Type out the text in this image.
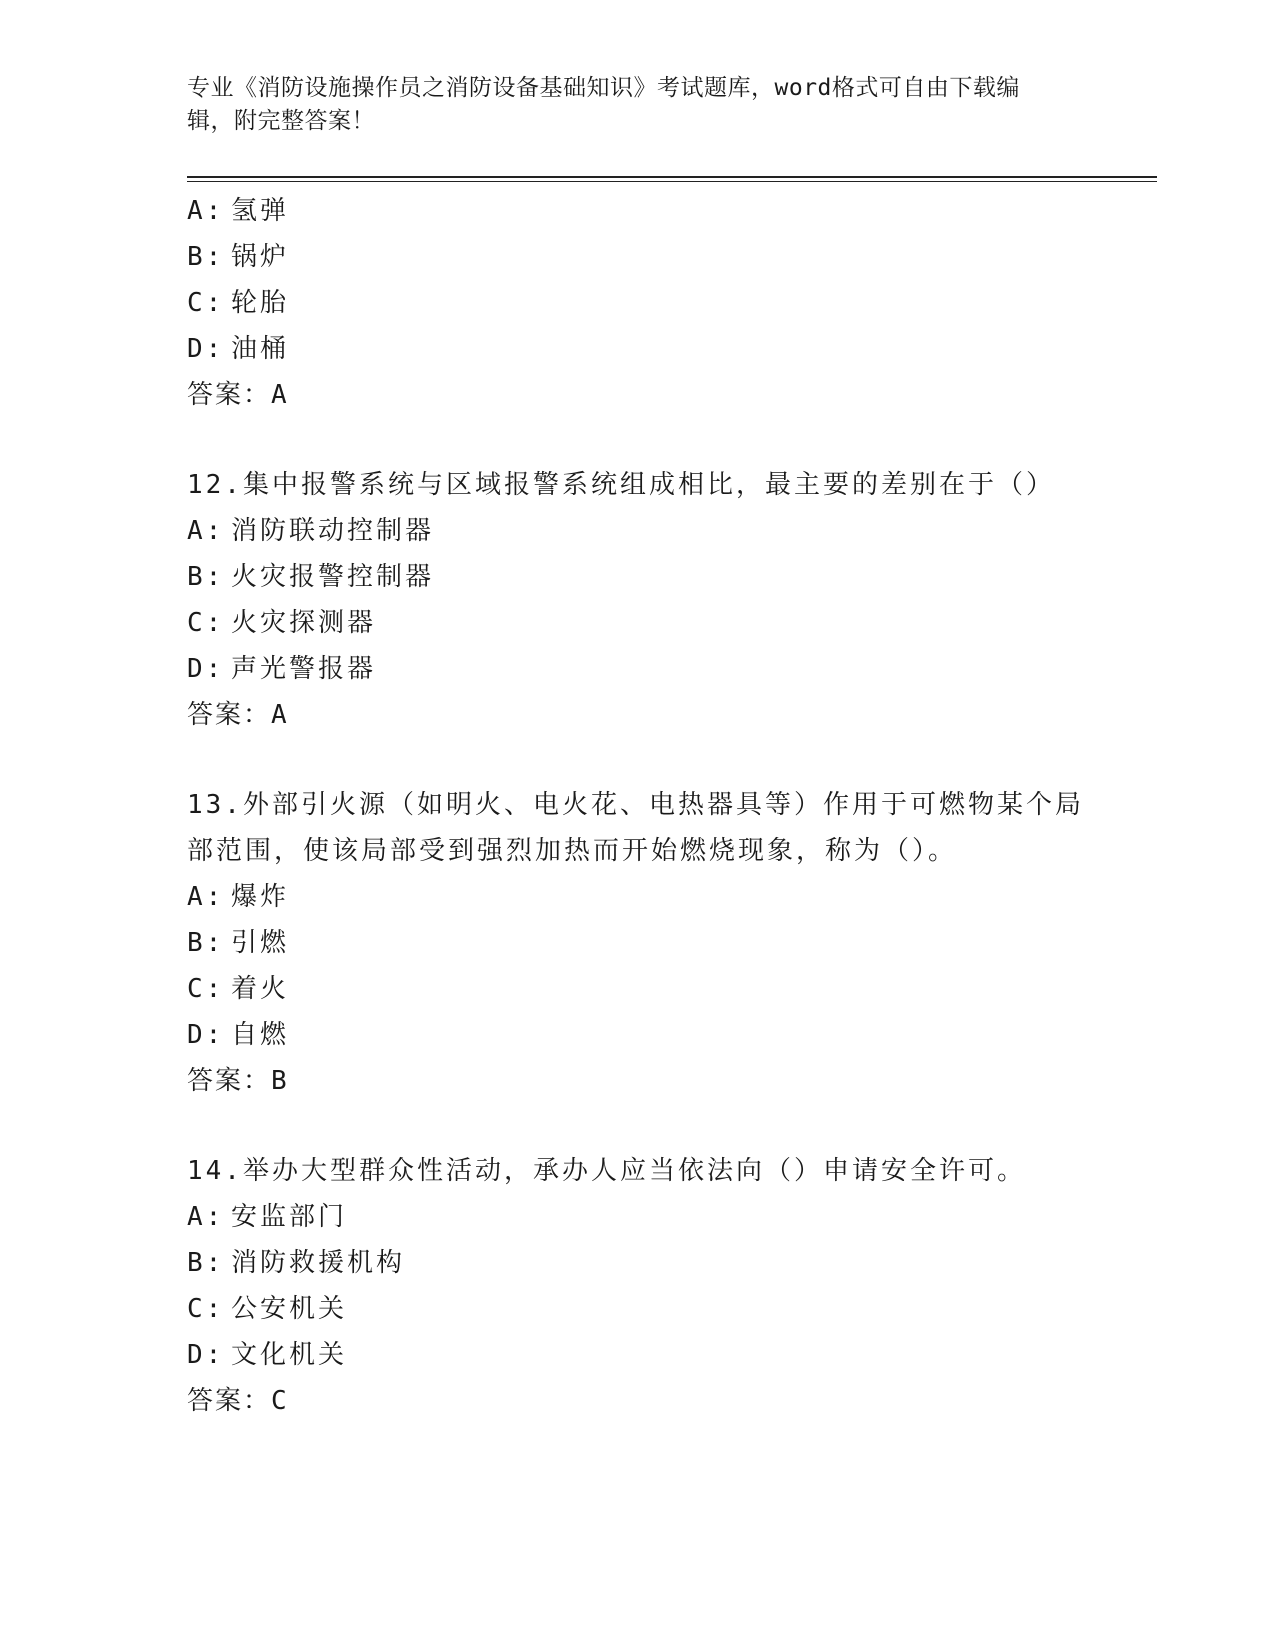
专业《消防设施操作员之消防设备基础知识》考试题库，word格式可自由下载编
辑，附完整答案！
A: 氢弹
B: 锅炉
C: 轮胎
D: 油桶
答案：A
12.集中报警系统与区域报警系统组成相比，最主要的差别在于（）
A: 消防联动控制器
B: 火灾报警控制器
C: 火灾探测器
D: 声光警报器
答案：A
13.外部引火源（如明火、电火花、电热器具等）作用于可燃物某个局
部范围，使该局部受到强烈加热而开始燃烧现象，称为（）。
A: 爆炸
B: 引燃
C: 着火
D: 自燃
答案：B
14.举办大型群众性活动，承办人应当依法向（）申请安全许可。
A: 安监部门
B: 消防救援机构
C: 公安机关
D: 文化机关
答案：C
